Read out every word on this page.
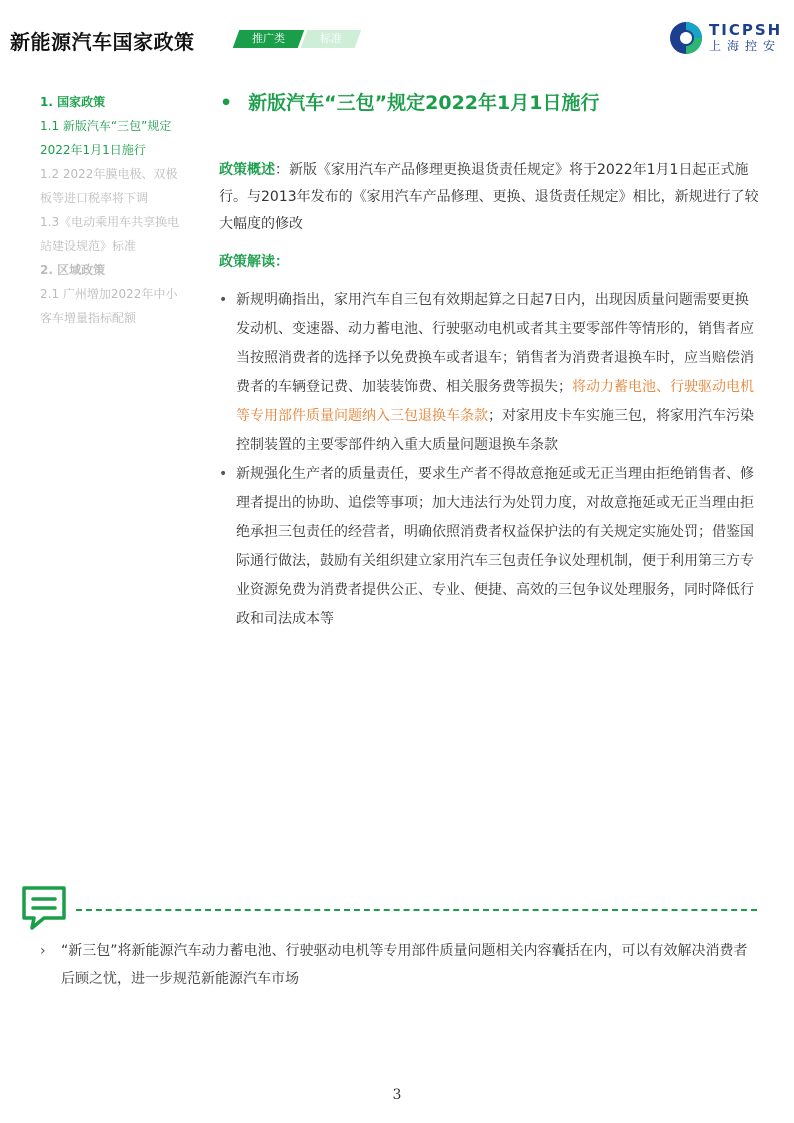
新能源汽车国家政策	推广类	标准	TICPSH
上海控安
1. 国家政策
1.1 新版汽车“三包”规定
2022年1月1日施行
1.2 2022年膜电极、双极
板等进口税率将下调
1.3《电动乘用车共享换电
站建设规范》标准
2. 区域政策
2.1 广州增加2022年中小
客车增量指标配额
• 新版汽车“三包”规定2022年1月1日施行

政策概述：新版《家用汽车产品修理更换退货责任规定》将于2022年1月1日起正式施行。与2013年发布的《家用汽车产品修理、更换、退货责任规定》相比，新规进行了较大幅度的修改

政策解读：
• 新规明确指出，家用汽车自三包有效期起算之日起7日内，出现因质量问题需要更换发动机、变速器、动力蓄电池、行驶驱动电机或者其主要零部件等情形的，销售者应当按照消费者的选择予以免费换车或者退车；销售者为消费者退换车时，应当赔偿消费者的车辆登记费、加装装饰费、相关服务费等损失；将动力蓄电池、行驶驱动电机等专用部件质量问题纳入三包退换车条款；对家用皮卡车实施三包，将家用汽车污染控制装置的主要零部件纳入重大质量问题退换车条款
• 新规强化生产者的质量责任，要求生产者不得故意拖延或无正当理由拒绝销售者、修理者提出的协助、追偿等事项；加大违法行为处罚力度，对故意拖延或无正当理由拒绝承担三包责任的经营者，明确依照消费者权益保护法的有关规定实施处罚；借鉴国际通行做法，鼓励有关组织建立家用汽车三包责任争议处理机制，便于利用第三方专业资源免费为消费者提供公正、专业、便捷、高效的三包争议处理服务，同时降低行政和司法成本等
› “新三包”将新能源汽车动力蓄电池、行驶驱动电机等专用部件质量问题相关内容囊括在内，可以有效解决消费者后顾之忧，进一步规范新能源汽车市场
3
